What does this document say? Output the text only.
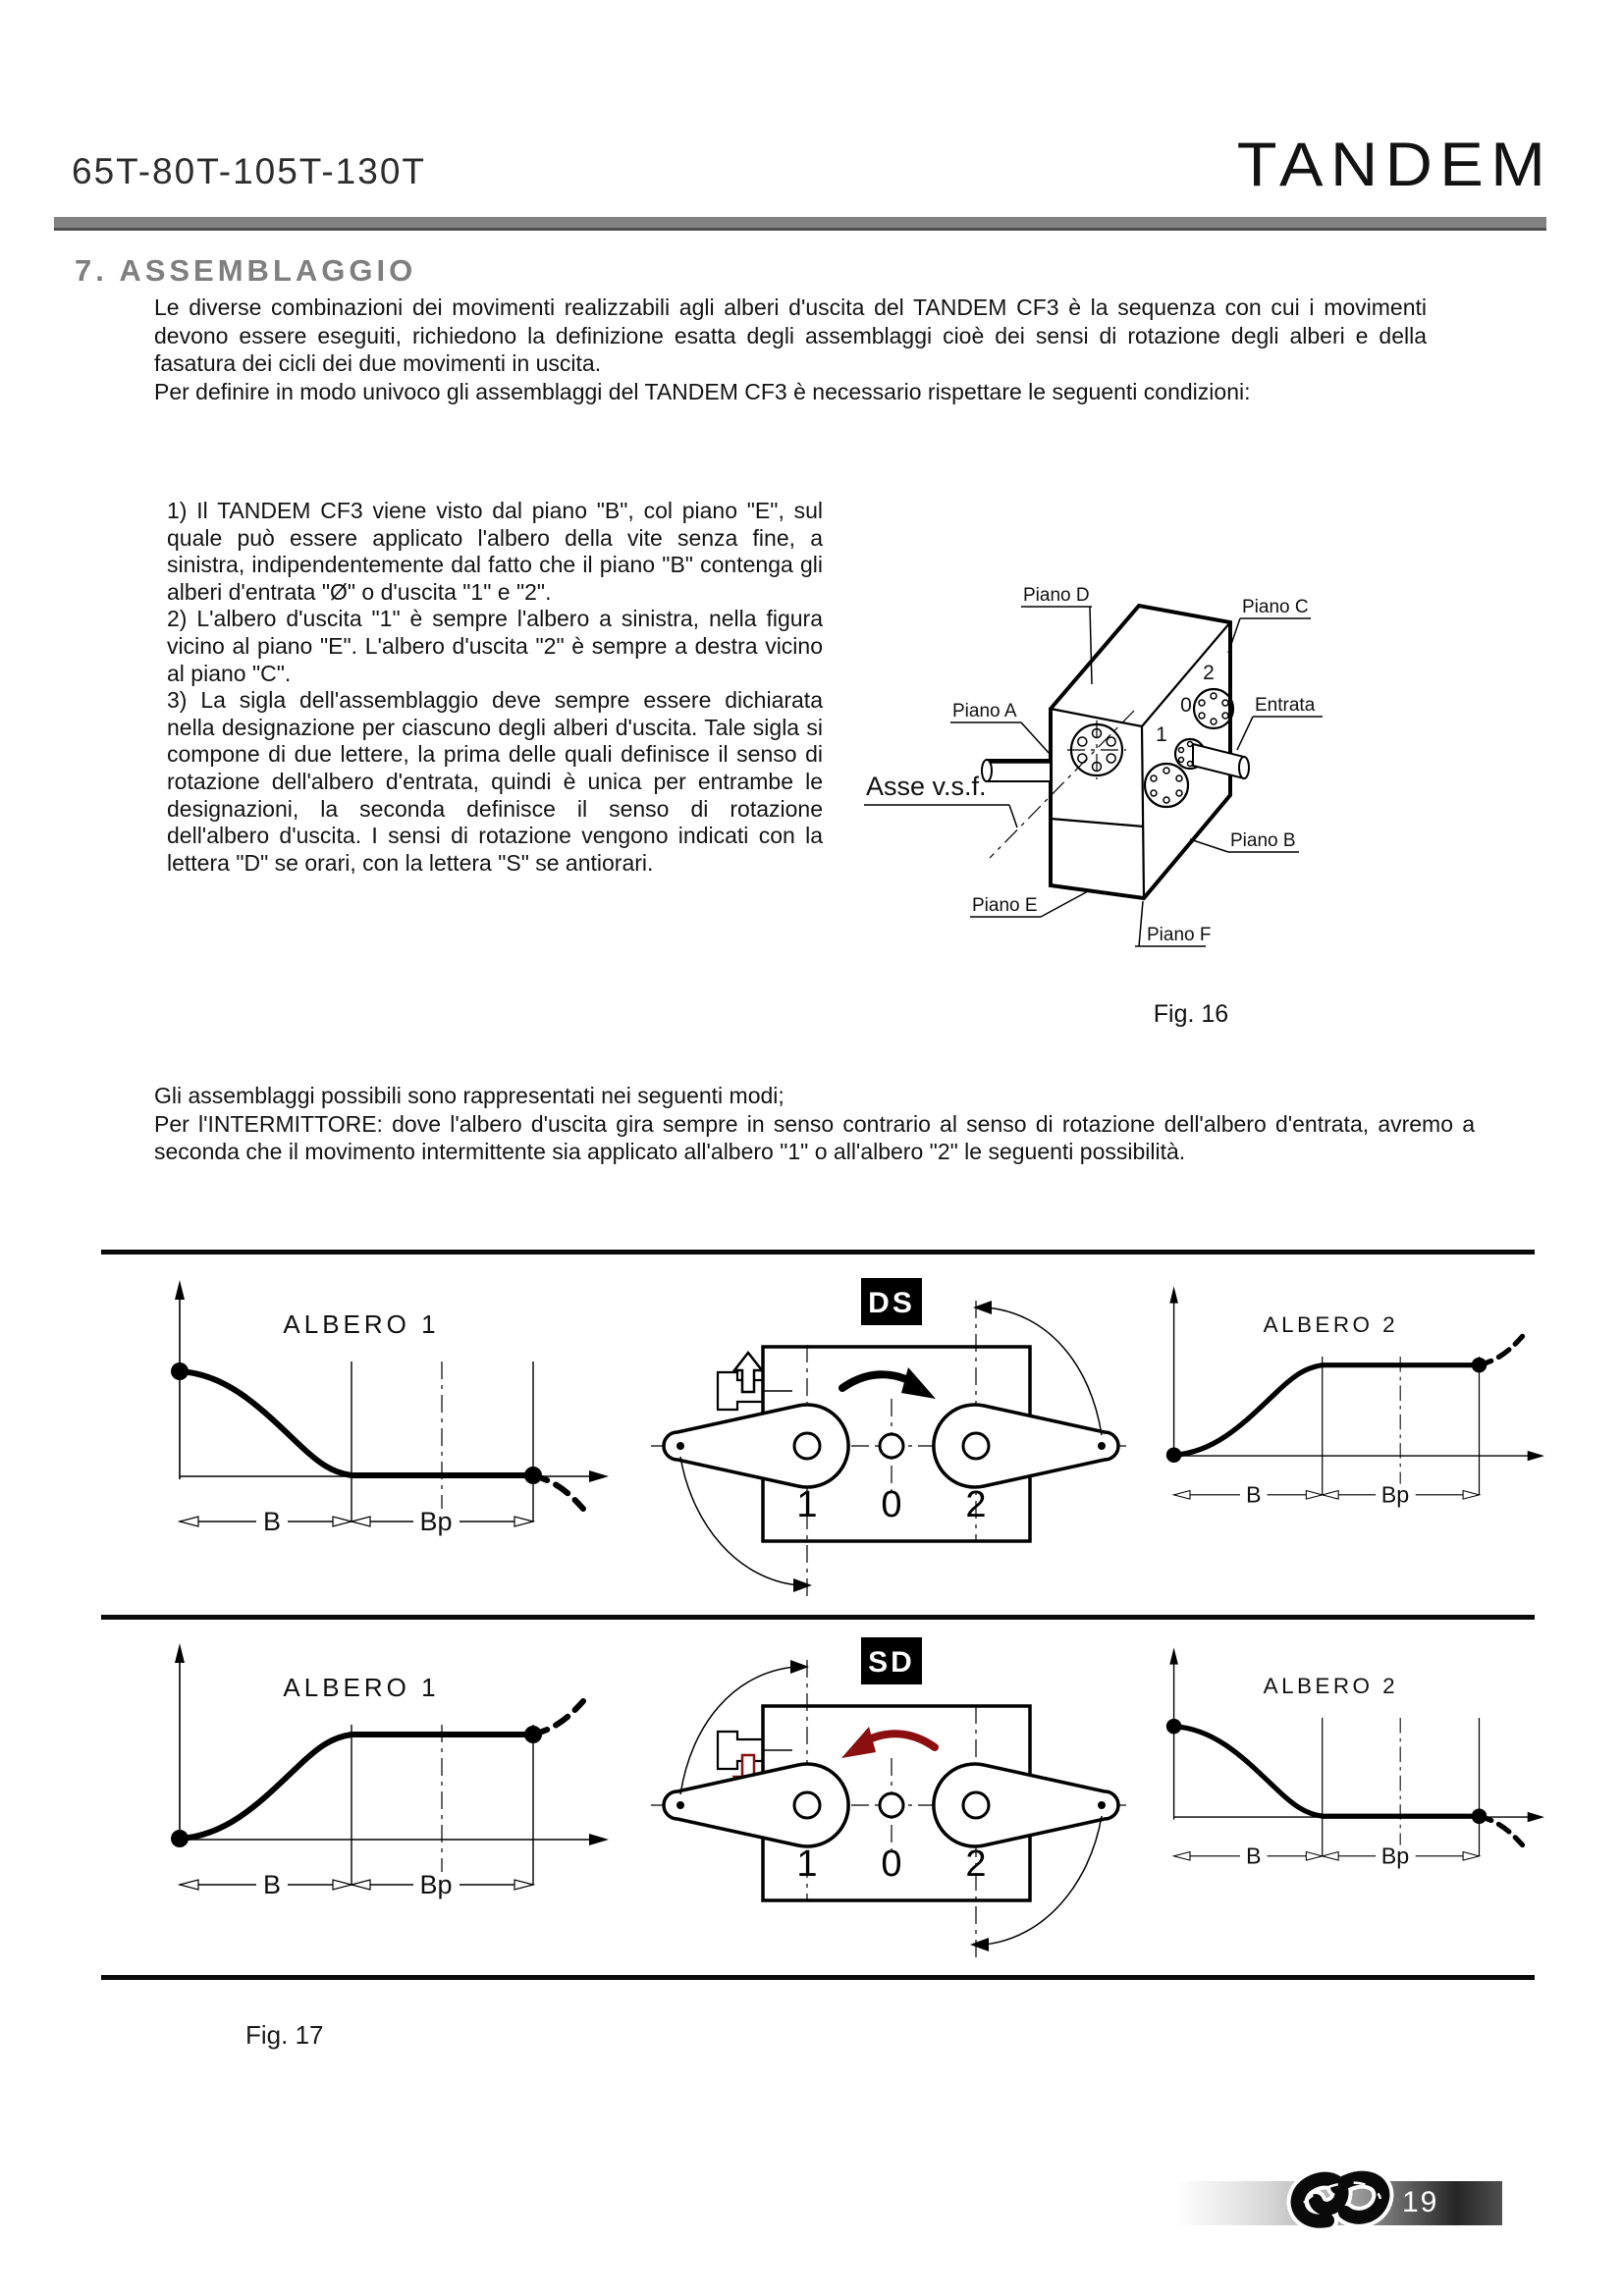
65T-80T-105T-130T	TANDEM
7. ASSEMBLAGGIO
Le diverse combinazioni dei movimenti realizzabili agli alberi d'uscita del TANDEM CF3 è la sequenza con cui i movimenti devono essere eseguiti, richiedono la definizione esatta degli assemblaggi cioè dei sensi di rotazione degli alberi e della fasatura dei cicli dei due movimenti in uscita.
Per definire in modo univoco gli assemblaggi del TANDEM CF3 è necessario rispettare le seguenti condizioni:
1) Il TANDEM CF3 viene visto dal piano "B", col piano "E", sul quale può essere applicato l'albero della vite senza fine, a sinistra, indipendentemente dal fatto che il piano "B" contenga gli alberi d'entrata "Ø" o d'uscita "1" e "2".
2) L'albero d'uscita "1" è sempre l'albero a sinistra, nella figura vicino al piano "E". L'albero d'uscita "2" è sempre a destra vicino al piano "C".
3) La sigla dell'assemblaggio deve sempre essere dichiarata nella designazione per ciascuno degli alberi d'uscita. Tale sigla si compone di due lettere, la prima delle quali definisce il senso di rotazione dell'albero d'entrata, quindi è unica per entrambe le designazioni, la seconda definisce il senso di rotazione dell'albero d'uscita. I sensi di rotazione vengono indicati con la lettera "D" se orari, con la lettera "S" se antiorari.
1
0
2
Piano D
Piano C
Piano A	Entrata
Asse v.s.f.
Piano B
Piano E
Piano F
Fig. 16
Gli assemblaggi possibili sono rappresentati nei seguenti modi;
Per l'INTERMITTORE: dove l'albero d'uscita gira sempre in senso contrario al senso di rotazione dell'albero d'entrata, avremo a seconda che il movimento intermittente sia applicato all'albero "1" o all'albero "2" le seguenti possibilità.
B	Bp
ALBERO 1
DS
1 0 2	B	Bp
ALBERO 2
B	Bp
ALBERO 1
SD
1 0 2	B	Bp
ALBERO 2
Fig. 17
19
